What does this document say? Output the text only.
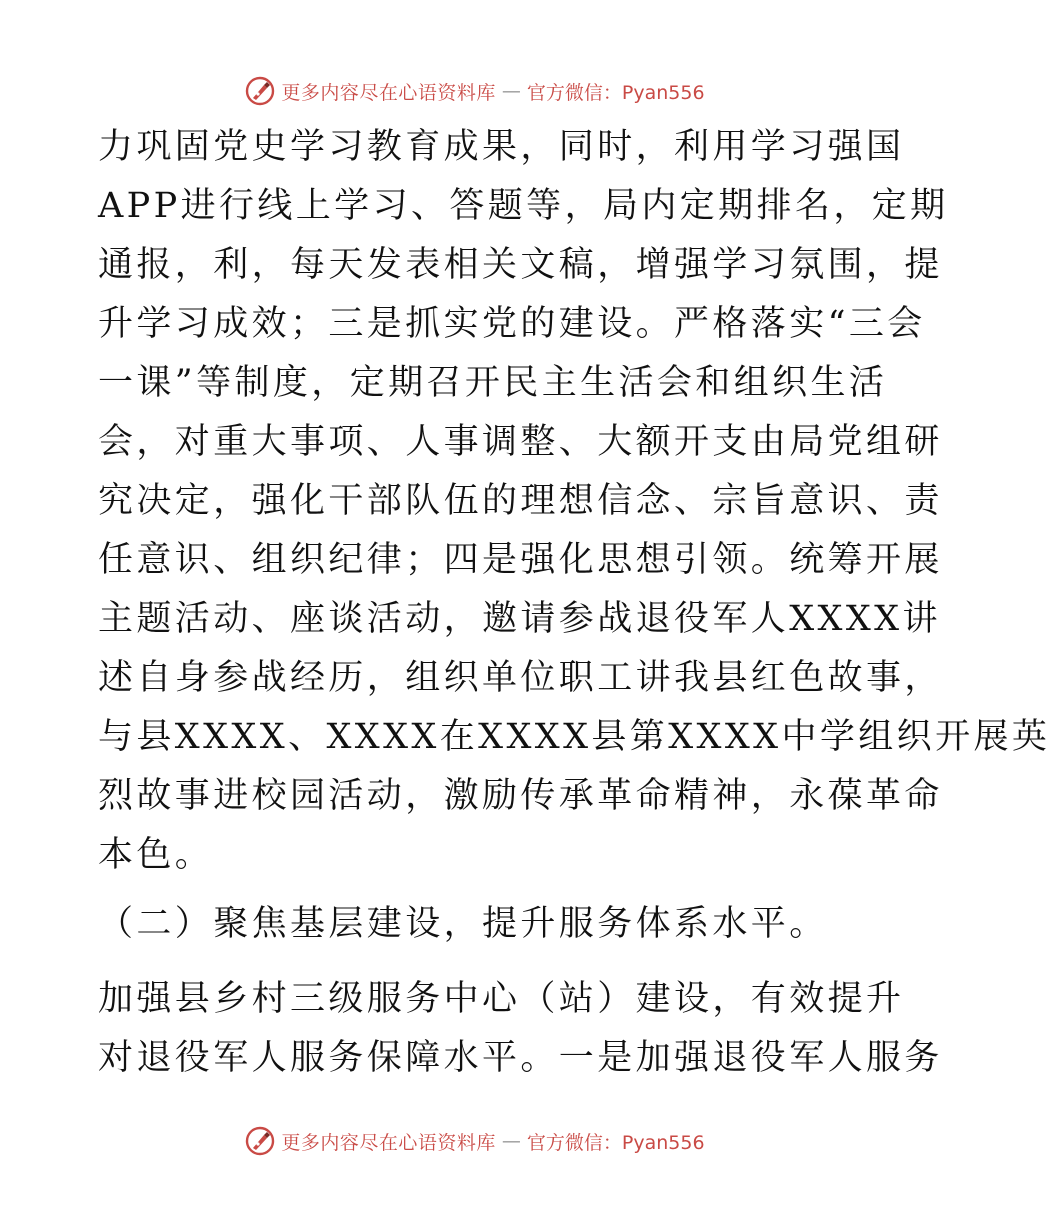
更多内容尽在心语资料库 — 官方微信：Pyan556
力巩固党史学习教育成果，同时，利用学习强国
APP进行线上学习、答题等，局内定期排名，定期
通报，利，每天发表相关文稿，增强学习氛围，提
升学习成效；三是抓实党的建设。严格落实“三会
一课”等制度，定期召开民主生活会和组织生活
会，对重大事项、人事调整、大额开支由局党组研
究决定，强化干部队伍的理想信念、宗旨意识、责
任意识、组织纪律；四是强化思想引领。统筹开展
主题活动、座谈活动，邀请参战退役军人XXXX讲
述自身参战经历，组织单位职工讲我县红色故事，
与县XXXX、XXXX在XXXX县第XXXX中学组织开展英
烈故事进校园活动，激励传承革命精神，永葆革命
本色。
（二）聚焦基层建设，提升服务体系水平。
加强县乡村三级服务中心（站）建设，有效提升
对退役军人服务保障水平。一是加强退役军人服务
更多内容尽在心语资料库 — 官方微信：Pyan556
